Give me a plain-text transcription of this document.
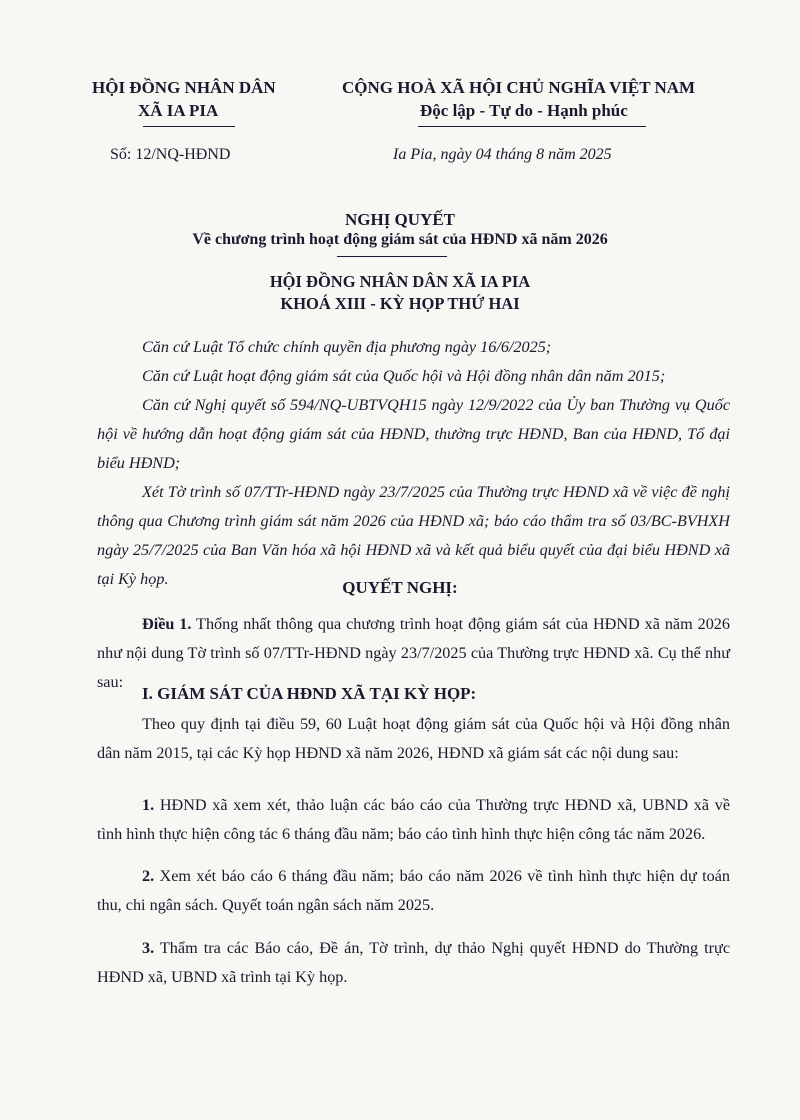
HỘI ĐỒNG NHÂN DÂN
XÃ IA PIA
CỘNG HOÀ XÃ HỘI CHỦ NGHĨA VIỆT NAM
Độc lập - Tự do - Hạnh phúc
Số: 12/NQ-HĐND	Ia Pia, ngày 04 tháng 8 năm 2025
NGHỊ QUYẾT
Về chương trình hoạt động giám sát của HĐND xã năm 2026
HỘI ĐỒNG NHÂN DÂN XÃ IA PIA
KHOÁ XIII - KỲ HỌP THỨ HAI
Căn cứ Luật Tổ chức chính quyền địa phương ngày 16/6/2025;
Căn cứ Luật hoạt động giám sát của Quốc hội và Hội đồng nhân dân năm 2015;
Căn cứ Nghị quyết số 594/NQ-UBTVQH15 ngày 12/9/2022 của Ủy ban Thường vụ Quốc hội về hướng dẫn hoạt động giám sát của HĐND, thường trực HĐND, Ban của HĐND, Tổ đại biểu HĐND;
Xét Tờ trình số 07/TTr-HĐND ngày 23/7/2025 của Thường trực HĐND xã về việc đề nghị thông qua Chương trình giám sát năm 2026 của HĐND xã; báo cáo thẩm tra số 03/BC-BVHXH ngày 25/7/2025 của Ban Văn hóa xã hội HĐND xã và kết quả biểu quyết của đại biểu HĐND xã tại Kỳ họp.	QUYẾT NGHỊ:
Điều 1. Thống nhất thông qua chương trình hoạt động giám sát của HĐND xã năm 2026 như nội dung Tờ trình số 07/TTr-HĐND ngày 23/7/2025 của Thường trực HĐND xã. Cụ thể như sau:
I. GIÁM SÁT CỦA HĐND XÃ TẠI KỲ HỌP:
Theo quy định tại điều 59, 60 Luật hoạt động giám sát của Quốc hội và Hội đồng nhân dân năm 2015, tại các Kỳ họp HĐND xã năm 2026, HĐND xã giám sát các nội dung sau:
1. HĐND xã xem xét, thảo luận các báo cáo của Thường trực HĐND xã, UBND xã về tình hình thực hiện công tác 6 tháng đầu năm; báo cáo tình hình thực hiện công tác năm 2026.
2. Xem xét báo cáo 6 tháng đầu năm; báo cáo năm 2026 về tình hình thực hiện dự toán thu, chi ngân sách. Quyết toán ngân sách năm 2025.
3. Thẩm tra các Báo cáo, Đề án, Tờ trình, dự thảo Nghị quyết HĐND do Thường trực HĐND xã, UBND xã trình tại Kỳ họp.
